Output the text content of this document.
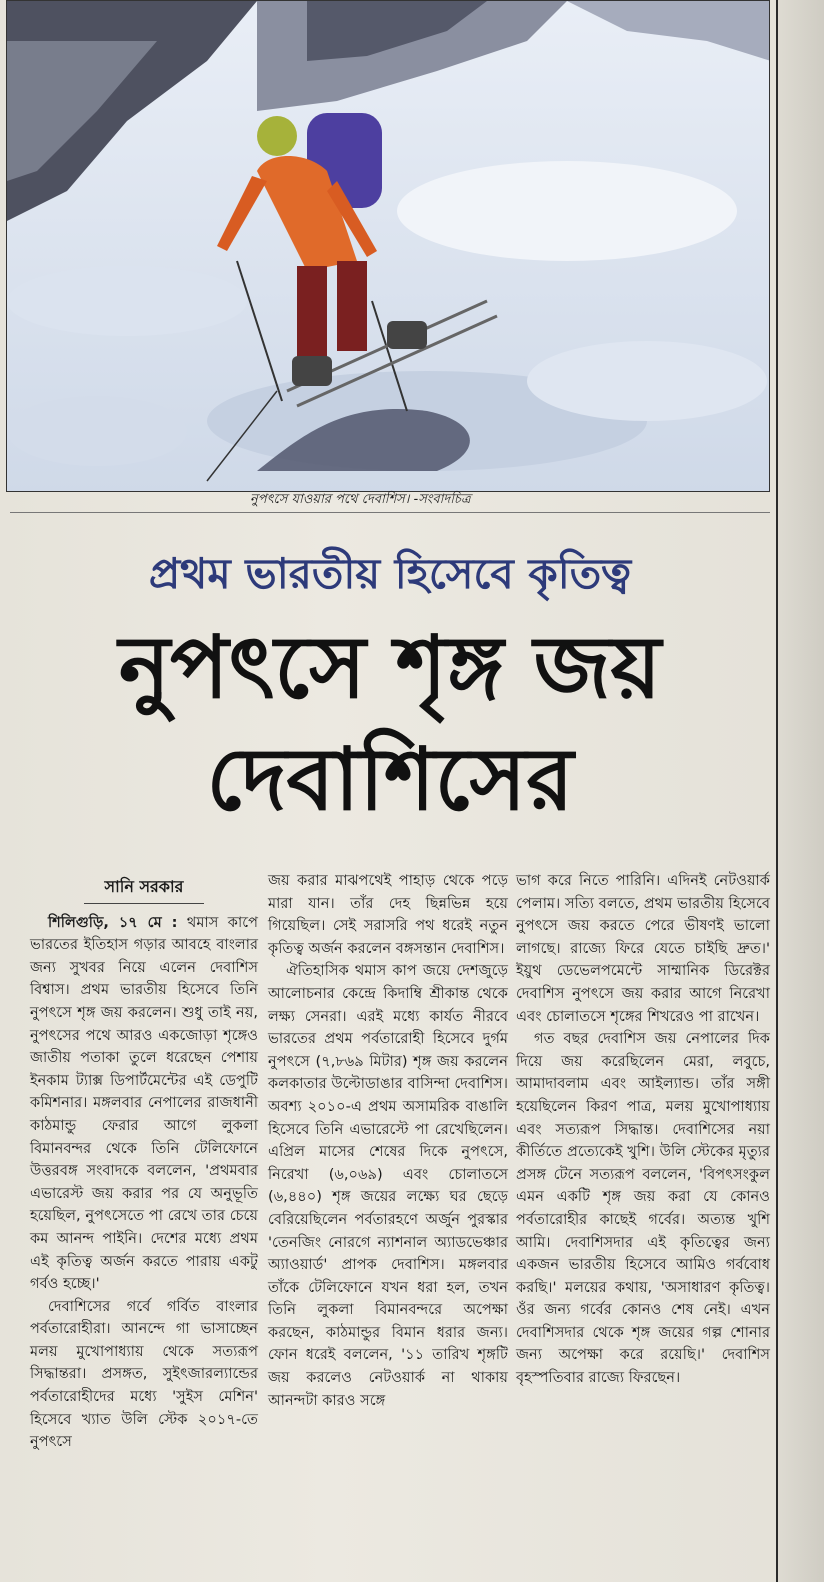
নুপৎসে যাওয়ার পথে দেবাশিস। -সংবাদচিত্র
প্রথম ভারতীয় হিসেবে কৃতিত্ব
নুপৎসে শৃঙ্গ জয়
দেবাশিসের
সানি সরকার

শিলিগুড়ি, ১৭ মে : থমাস কাপে ভারতের ইতিহাস গড়ার আবহে বাংলার জন্য সুখবর নিয়ে এলেন দেবাশিস বিশ্বাস। প্রথম ভারতীয় হিসেবে তিনি নুপৎসে শৃঙ্গ জয় করলেন। শুধু তাই নয়, নুপৎসের পথে আরও একজোড়া শৃঙ্গেও জাতীয় পতাকা তুলে ধরেছেন পেশায় ইনকাম ট্যাক্স ডিপার্টমেন্টের এই ডেপুটি কমিশনার। মঙ্গলবার নেপালের রাজধানী কাঠমান্ডু ফেরার আগে লুকলা বিমানবন্দর থেকে তিনি টেলিফোনে উত্তরবঙ্গ সংবাদকে বললেন, 'প্রথমবার এভারেস্ট জয় করার পর যে অনুভূতি হয়েছিল, নুপৎসেতে পা রেখে তার চেয়ে কম আনন্দ পাইনি। দেশের মধ্যে প্রথম এই কৃতিত্ব অর্জন করতে পারায় একটু গর্বও হচ্ছে।'

দেবাশিসের গর্বে গর্বিত বাংলার পর্বতারোহীরা। আনন্দে গা ভাসাচ্ছেন মলয় মুখোপাধ্যায় থেকে সত্যরূপ সিদ্ধান্তরা। প্রসঙ্গত, সুইৎজারল্যান্ডের পর্বতারোহীদের মধ্যে 'সুইস মেশিন' হিসেবে খ্যাত উলি স্টেক ২০১৭-তে নুপৎসে

জয় করার মাঝপথেই পাহাড় থেকে পড়ে মারা যান। তাঁর দেহ ছিন্নভিন্ন হয়ে গিয়েছিল। সেই সরাসরি পথ ধরেই নতুন কৃতিত্ব অর্জন করলেন বঙ্গসন্তান দেবাশিস।

ঐতিহাসিক থমাস কাপ জয়ে দেশজুড়ে আলোচনার কেন্দ্রে কিদাম্বি শ্রীকান্ত থেকে লক্ষ্য সেনরা। এরই মধ্যে কার্যত নীরবে ভারতের প্রথম পর্বতারোহী হিসেবে দুর্গম নুপৎসে (৭,৮৬৯ মিটার) শৃঙ্গ জয় করলেন কলকাতার উল্টোডাঙার বাসিন্দা দেবাশিস। অবশ্য ২০১০-এ প্রথম অসামরিক বাঙালি হিসেবে তিনি এভারেস্টে পা রেখেছিলেন। এপ্রিল মাসের শেষের দিকে নুপৎসে, নিরেখা (৬,০৬৯) এবং চোলাতসে (৬,৪৪০) শৃঙ্গ জয়ের লক্ষ্যে ঘর ছেড়ে বেরিয়েছিলেন পর্বতারহণে অর্জুন পুরস্কার 'তেনজিং নোরগে ন্যাশনাল অ্যাডভেঞ্চার অ্যাওয়ার্ড' প্রাপক দেবাশিস। মঙ্গলবার তাঁকে টেলিফোনে যখন ধরা হল, তখন তিনি লুকলা বিমানবন্দরে অপেক্ষা করছেন, কাঠমান্ডুর বিমান ধরার জন্য। ফোন ধরেই বললেন, '১১ তারিখ শৃঙ্গটি জয় করলেও নেটওয়ার্ক না থাকায় আনন্দটা কারও সঙ্গে

ভাগ করে নিতে পারিনি। এদিনই নেটওয়ার্ক পেলাম। সত্যি বলতে, প্রথম ভারতীয় হিসেবে নুপৎসে জয় করতে পেরে ভীষণই ভালো লাগছে। রাজ্যে ফিরে যেতে চাইছি দ্রুত।' ইয়ুথ ডেভেলপমেন্টে সাম্মানিক ডিরেক্টর দেবাশিস নুপৎসে জয় করার আগে নিরেখা এবং চোলাতসে শৃঙ্গের শিখরেও পা রাখেন।

গত বছর দেবাশিস জয় নেপালের দিক দিয়ে জয় করেছিলেন মেরা, লবুচে, আমাদাবলাম এবং আইল্যান্ড। তাঁর সঙ্গী হয়েছিলেন কিরণ পাত্র, মলয় মুখোপাধ্যায় এবং সত্যরূপ সিদ্ধান্ত। দেবাশিসের নয়া কীর্তিতে প্রত্যেকেই খুশি। উলি স্টেকের মৃত্যুর প্রসঙ্গ টেনে সত্যরূপ বললেন, 'বিপৎসংকুল এমন একটি শৃঙ্গ জয় করা যে কোনও পর্বতারোহীর কাছেই গর্বের। অত্যন্ত খুশি আমি। দেবাশিসদার এই কৃতিত্বের জন্য একজন ভারতীয় হিসেবে আমিও গর্ববোধ করছি।' মলয়ের কথায়, 'অসাধারণ কৃতিত্ব। ওঁর জন্য গর্বের কোনও শেষ নেই। এখন দেবাশিসদার থেকে শৃঙ্গ জয়ের গল্প শোনার জন্য অপেক্ষা করে রয়েছি।' দেবাশিস বৃহস্পতিবার রাজ্যে ফিরছেন।
